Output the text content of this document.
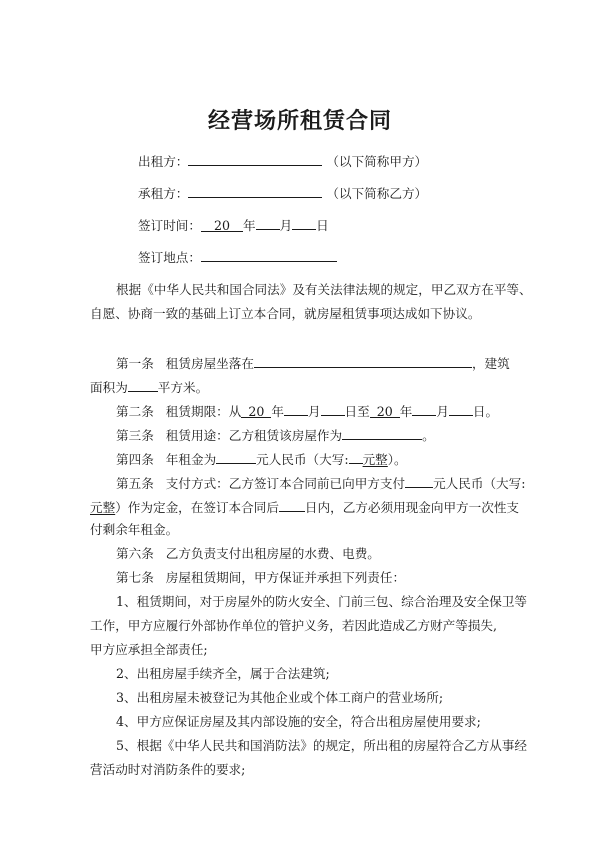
经营场所租赁合同
出租方：	（以下简称甲方）
承租方：	（以下简称乙方）
签订时间： 20 年 月 日
签订地点：
根据《中华人民共和国合同法》及有关法律法规的规定，甲乙双方在平等、
自愿、协商一致的基础上订立本合同，就房屋租赁事项达成如下协议。
第一条 租赁房屋坐落在	，建筑
面积为 平方米。
第二条 租赁期限：从 20 年 月 日至 20 年 月 日。
第三条 租赁用途：乙方租赁该房屋作为	。
第四条 年租金为	元人民币（大写: 元整）。
第五条 支付方式：乙方签订本合同前已向甲方支付 元人民币（大写:
元整）作为定金，在签订本合同后 日内，乙方必须用现金向甲方一次性支
付剩余年租金。
第六条 乙方负责支付出租房屋的水费、电费。
第七条 房屋租赁期间，甲方保证并承担下列责任：
1、租赁期间，对于房屋外的防火安全、门前三包、综合治理及安全保卫等
工作，甲方应履行外部协作单位的管护义务，若因此造成乙方财产等损失,
甲方应承担全部责任;
2、出租房屋手续齐全，属于合法建筑;
3、出租房屋未被登记为其他企业或个体工商户的营业场所;
4、甲方应保证房屋及其内部设施的安全，符合出租房屋使用要求;
5、根据《中华人民共和国消防法》的规定，所出租的房屋符合乙方从事经
营活动时对消防条件的要求;
